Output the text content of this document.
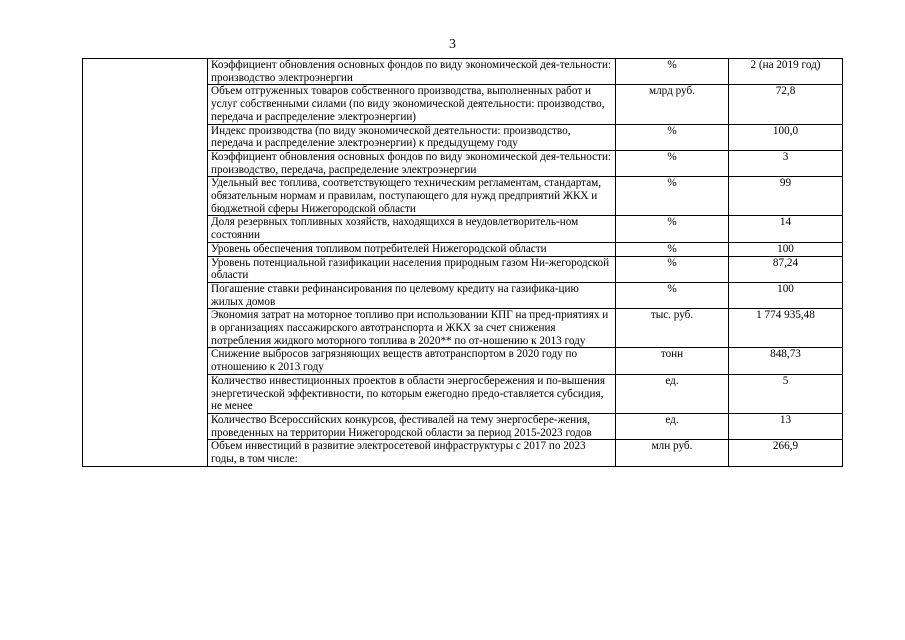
3
	Коэффициент обновления основных фондов по виду экономической дея-тельности: производство электроэнергии	%	2 (на 2019 год)
	Объем отгруженных товаров собственного производства, выполненных работ и услуг собственными силами (по виду экономической деятельности: производство, передача и распределение электроэнергии)	млрд руб.	72,8
	Индекс производства (по виду экономической деятельности: производство, передача и распределение электроэнергии) к предыдущему году	%	100,0
	Коэффициент обновления основных фондов по виду экономической дея-тельности: производство, передача, распределение электроэнергии	%	3
	Удельный вес топлива, соответствующего техническим регламентам, стандартам, обязательным нормам и правилам, поступающего для нужд предприятий ЖКХ и бюджетной сферы Нижегородской области	%	99
	Доля резервных топливных хозяйств, находящихся в неудовлетворитель-ном состоянии	%	14
	Уровень обеспечения топливом потребителей Нижегородской области	%	100
	Уровень потенциальной газификации населения природным газом Ни-жегородской области	%	87,24
	Погашение ставки рефинансирования по целевому кредиту на газифика-цию жилых домов	%	100
	Экономия затрат на моторное топливо при использовании КПГ на пред-приятиях и в организациях пассажирского автотранспорта и ЖКХ за счет снижения потребления жидкого моторного топлива в 2020** по от-ношению к 2013 году	тыс. руб.	1 774 935,48
	Снижение выбросов загрязняющих веществ автотранспортом в 2020 году по отношению к 2013 году	тонн	848,73
	Количество инвестиционных проектов в области энергосбережения и по-вышения энергетической эффективности, по которым ежегодно предо-ставляется субсидия, не менее	ед.	5
	Количество Всероссийских конкурсов, фестивалей на тему энергосбере-жения, проведенных на территории Нижегородской области за период 2015-2023 годов	ед.	13
	Объем инвестиций в развитие электросетевой инфраструктуры с 2017 по 2023 годы, в том числе:	млн руб.	266,9
